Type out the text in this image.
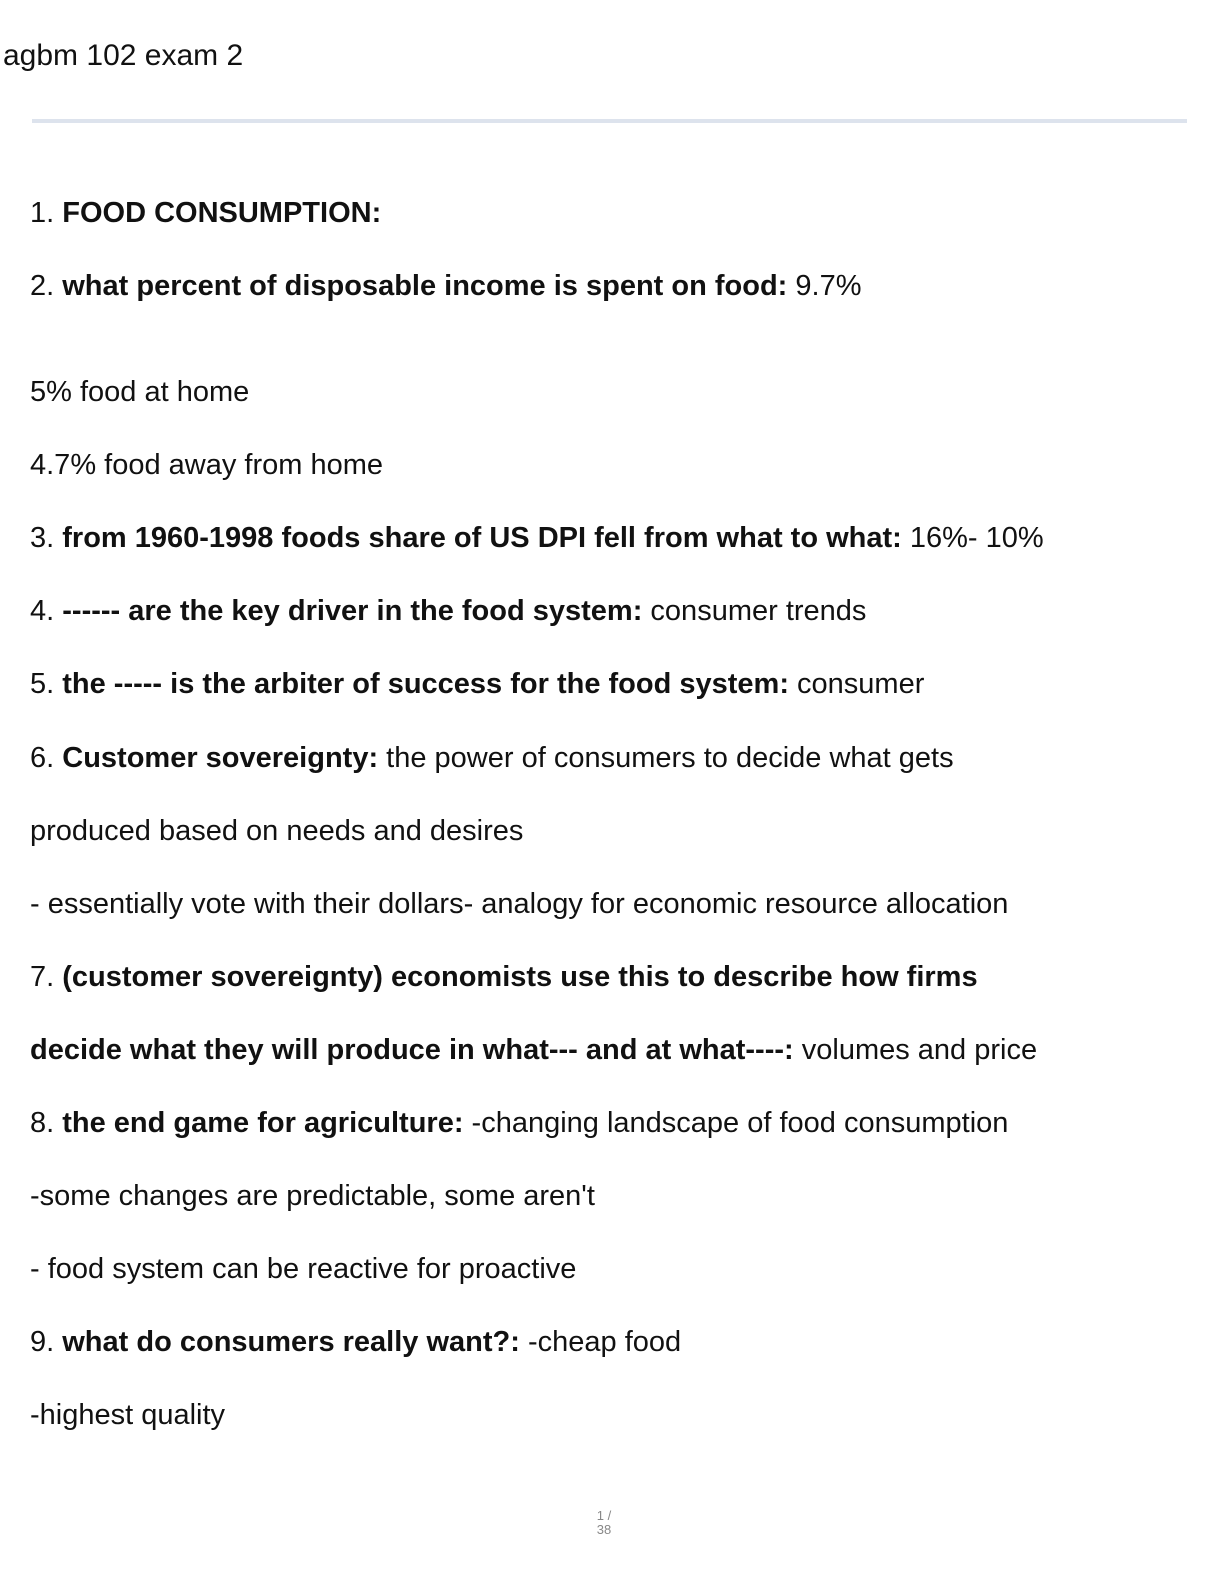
agbm 102 exam 2
1. FOOD CONSUMPTION:
2. what percent of disposable income is spent on food: 9.7%
5% food at home
4.7% food away from home
3. from 1960-1998 foods share of US DPI fell from what to what: 16%- 10%
4. ------ are the key driver in the food system: consumer trends
5. the ----- is the arbiter of success for the food system: consumer
6. Customer sovereignty: the power of consumers to decide what gets
produced based on needs and desires
- essentially vote with their dollars- analogy for economic resource allocation
7. (customer sovereignty) economists use this to describe how firms
decide what they will produce in what--- and at what----: volumes and price
8. the end game for agriculture: -changing landscape of food consumption
-some changes are predictable, some aren't
- food system can be reactive for proactive
9. what do consumers really want?: -cheap food
-highest quality
1 /
38
